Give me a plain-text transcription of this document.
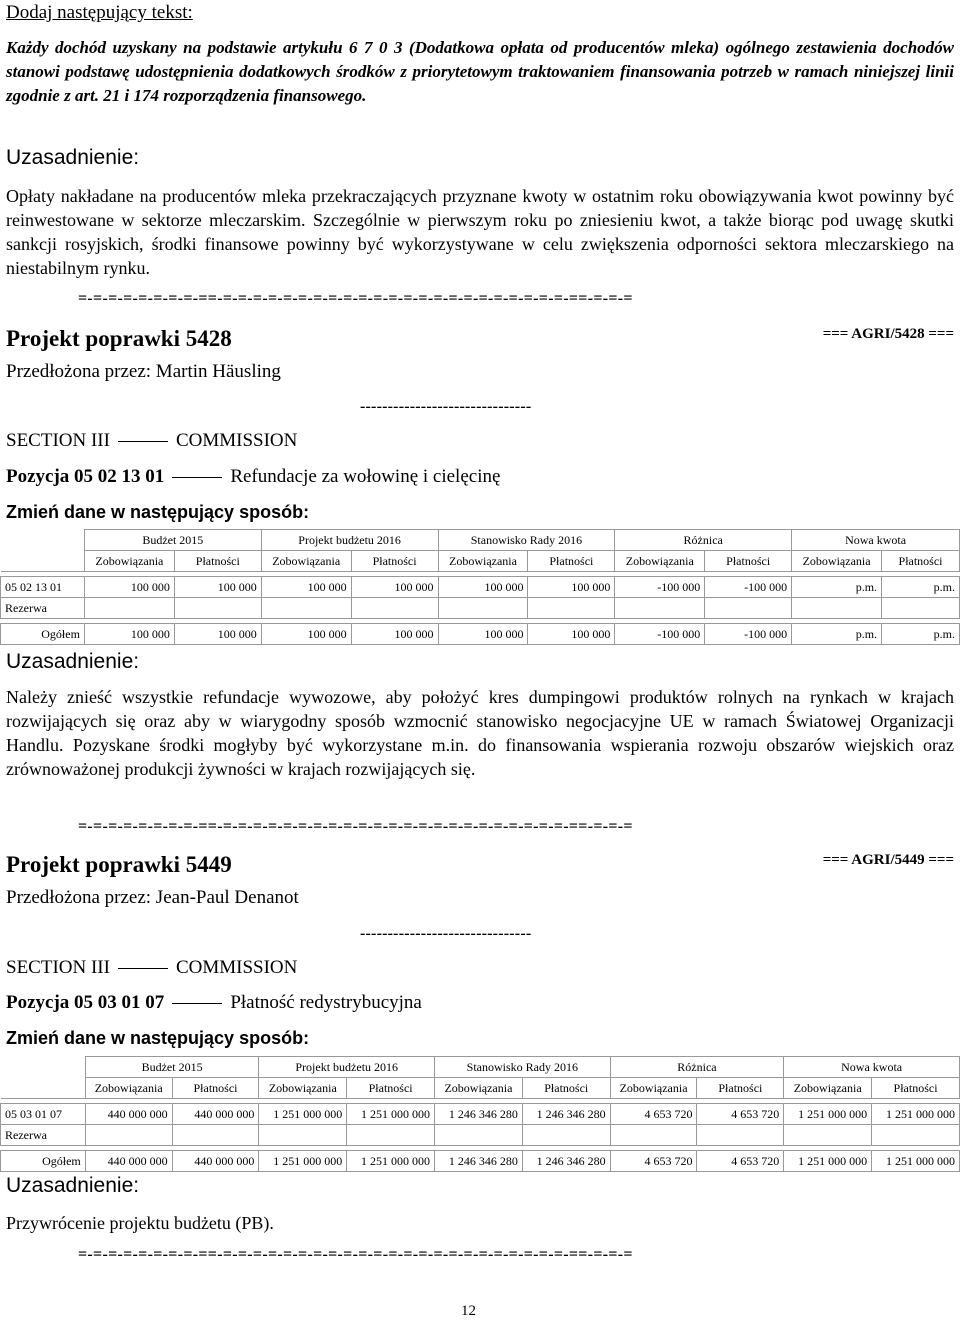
Dodaj następujący tekst:
Każdy dochód uzyskany na podstawie artykułu 6 7 0 3 (Dodatkowa opłata od producentów mleka) ogólnego zestawienia dochodów stanowi podstawę udostępnienia dodatkowych środków z priorytetowym traktowaniem finansowania potrzeb w ramach niniejszej linii zgodnie z art. 21 i 174 rozporządzenia finansowego.
Uzasadnienie:
Opłaty nakładane na producentów mleka przekraczających przyznane kwoty w ostatnim roku obowiązywania kwot powinny być reinwestowane w sektorze mleczarskim. Szczególnie w pierwszym roku po zniesieniu kwot, a także biorąc pod uwagę skutki sankcji rosyjskich, środki finansowe powinny być wykorzystywane w celu zwiększenia odporności sektora mleczarskiego na niestabilnym rynku.
=-=-=-=-=-=-=-=-==-=-=-=-=-=-=-=-=-=-=-=-=-=-=-=-=-=-=-=-=-=-=-=-==-=-=-=
Projekt poprawki 5428	=== AGRI/5428 ===
Przedłożona przez: Martin Häusling
-------------------------------
SECTION III	COMMISSION
Pozycja 05 02 13 01	Refundacje za wołowinę i cielęcinę
Zmień dane w następujący sposób:
	Budżet 2015		Projekt budżetu 2016		Stanowisko Rady 2016		Różnica		Nowa kwota	
	Zobowiązania	Płatności	Zobowiązania	Płatności	Zobowiązania	Płatności	Zobowiązania	Płatności	Zobowiązania	Płatności

05 02 13 01	100 000	100 000	100 000	100 000	100 000	100 000	-100 000	-100 000	p.m.	p.m.
Rezerwa										

Ogółem	100 000	100 000	100 000	100 000	100 000	100 000	-100 000	-100 000	p.m.	p.m.
Uzasadnienie:
Należy znieść wszystkie refundacje wywozowe, aby położyć kres dumpingowi produktów rolnych na rynkach w krajach rozwijających się oraz aby w wiarygodny sposób wzmocnić stanowisko negocjacyjne UE w ramach Światowej Organizacji Handlu. Pozyskane środki mogłyby być wykorzystane m.in. do finansowania wspierania rozwoju obszarów wiejskich oraz zrównoważonej produkcji żywności w krajach rozwijających się.
=-=-=-=-=-=-=-=-==-=-=-=-=-=-=-=-=-=-=-=-=-=-=-=-=-=-=-=-=-=-=-=-==-=-=-=
Projekt poprawki 5449	=== AGRI/5449 ===
Przedłożona przez: Jean-Paul Denanot
-------------------------------
SECTION III	COMMISSION
Pozycja 05 03 01 07	Płatność redystrybucyjna
Zmień dane w następujący sposób:
	Budżet 2015		Projekt budżetu 2016		Stanowisko Rady 2016		Różnica		Nowa kwota	
	Zobowiązania	Płatności	Zobowiązania	Płatności	Zobowiązania	Płatności	Zobowiązania	Płatności	Zobowiązania	Płatności

05 03 01 07	440 000 000	440 000 000	1 251 000 000	1 251 000 000	1 246 346 280	1 246 346 280	4 653 720	4 653 720	1 251 000 000	1 251 000 000
Rezerwa										

Ogółem	440 000 000	440 000 000	1 251 000 000	1 251 000 000	1 246 346 280	1 246 346 280	4 653 720	4 653 720	1 251 000 000	1 251 000 000
Uzasadnienie:
Przywrócenie projektu budżetu (PB).
=-=-=-=-=-=-=-=-==-=-=-=-=-=-=-=-=-=-=-=-=-=-=-=-=-=-=-=-=-=-=-=-==-=-=-=
12
